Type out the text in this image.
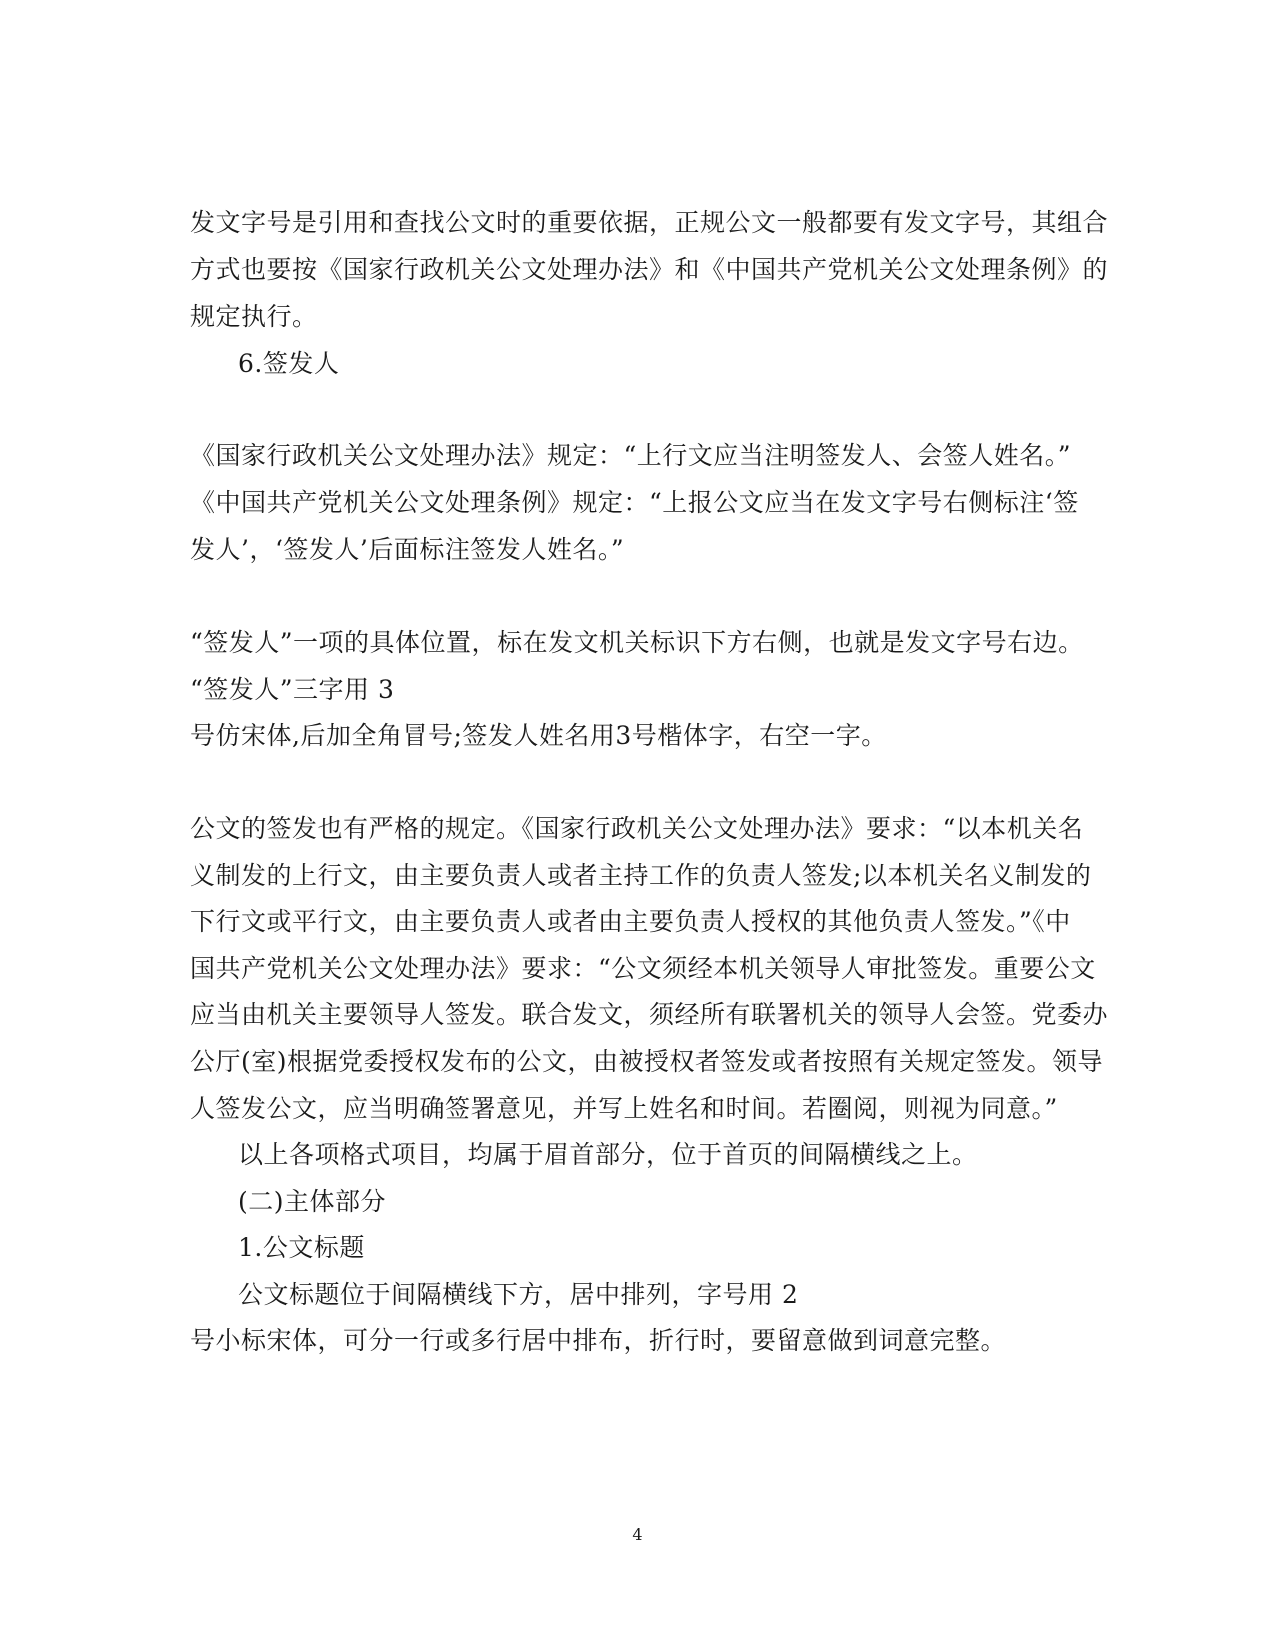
发文字号是引用和查找公文时的重要依据，正规公文一般都要有发文字号，其组合
方式也要按《国家行政机关公文处理办法》和《中国共产党机关公文处理条例》的
规定执行。
6.签发人
《国家行政机关公文处理办法》规定：“上行文应当注明签发人、会签人姓名。”
《中国共产党机关公文处理条例》规定：“上报公文应当在发文字号右侧标注‘签
发人’，‘签发人’后面标注签发人姓名。”
“签发人”一项的具体位置，标在发文机关标识下方右侧，也就是发文字号右边。
“签发人”三字用 3
号仿宋体,后加全角冒号;签发人姓名用3号楷体字，右空一字。
公文的签发也有严格的规定。《国家行政机关公文处理办法》要求：“以本机关名
义制发的上行文，由主要负责人或者主持工作的负责人签发;以本机关名义制发的
下行文或平行文，由主要负责人或者由主要负责人授权的其他负责人签发。”《中
国共产党机关公文处理办法》要求：“公文须经本机关领导人审批签发。重要公文
应当由机关主要领导人签发。联合发文，须经所有联署机关的领导人会签。党委办
公厅(室)根据党委授权发布的公文，由被授权者签发或者按照有关规定签发。领导
人签发公文，应当明确签署意见，并写上姓名和时间。若圈阅，则视为同意。”
以上各项格式项目，均属于眉首部分，位于首页的间隔横线之上。
(二)主体部分
1.公文标题
公文标题位于间隔横线下方，居中排列，字号用 2
号小标宋体，可分一行或多行居中排布，折行时，要留意做到词意完整。
4
